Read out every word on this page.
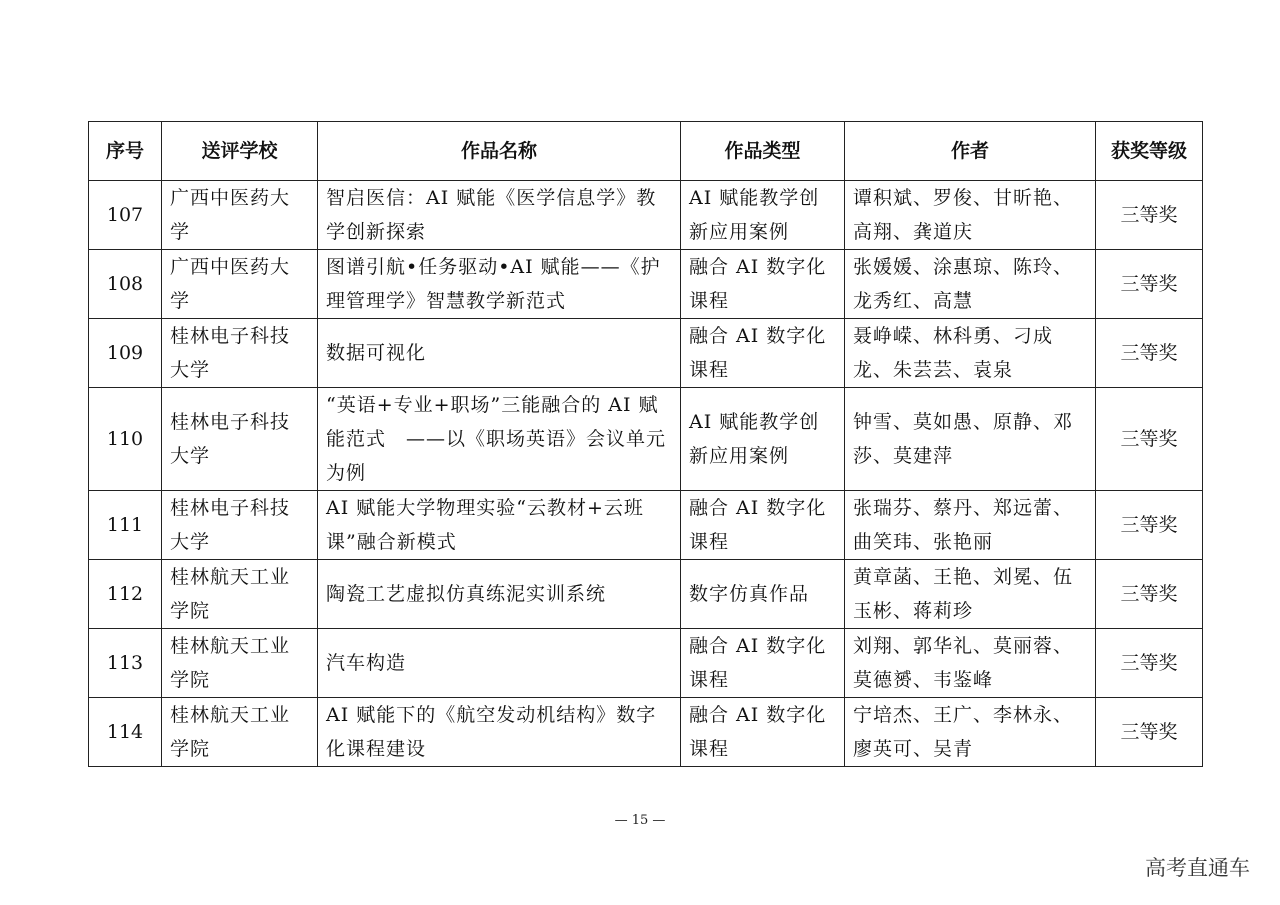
序号	送评学校	作品名称	作品类型	作者	获奖等级
107	广西中医药大学	智启医信：AI 赋能《医学信息学》教学创新探索	AI 赋能教学创新应用案例	谭积斌、罗俊、甘昕艳、高翔、龚道庆	三等奖
108	广西中医药大学	图谱引航•任务驱动•AI 赋能——《护理管理学》智慧教学新范式	融合 AI 数字化课程	张媛媛、涂惠琼、陈玲、龙秀红、高慧	三等奖
109	桂林电子科技大学	数据可视化	融合 AI 数字化课程	聂峥嵘、林科勇、刁成龙、朱芸芸、袁泉	三等奖
110	桂林电子科技大学	“英语+专业+职场”三能融合的 AI 赋能范式　——以《职场英语》会议单元为例	AI 赋能教学创新应用案例	钟雪、莫如愚、原静、邓莎、莫建萍	三等奖
111	桂林电子科技大学	AI 赋能大学物理实验“云教材+云班课”融合新模式	融合 AI 数字化课程	张瑞芬、蔡丹、郑远蕾、曲笑玮、张艳丽	三等奖
112	桂林航天工业学院	陶瓷工艺虚拟仿真练泥实训系统	数字仿真作品	黄章菡、王艳、刘冕、伍玉彬、蒋莉珍	三等奖
113	桂林航天工业学院	汽车构造	融合 AI 数字化课程	刘翔、郭华礼、莫丽蓉、莫德赟、韦鉴峰	三等奖
114	桂林航天工业学院	AI 赋能下的《航空发动机结构》数字化课程建设	融合 AI 数字化课程	宁培杰、王广、李林永、廖英可、吴青	三等奖
— 15 —
高考直通车
